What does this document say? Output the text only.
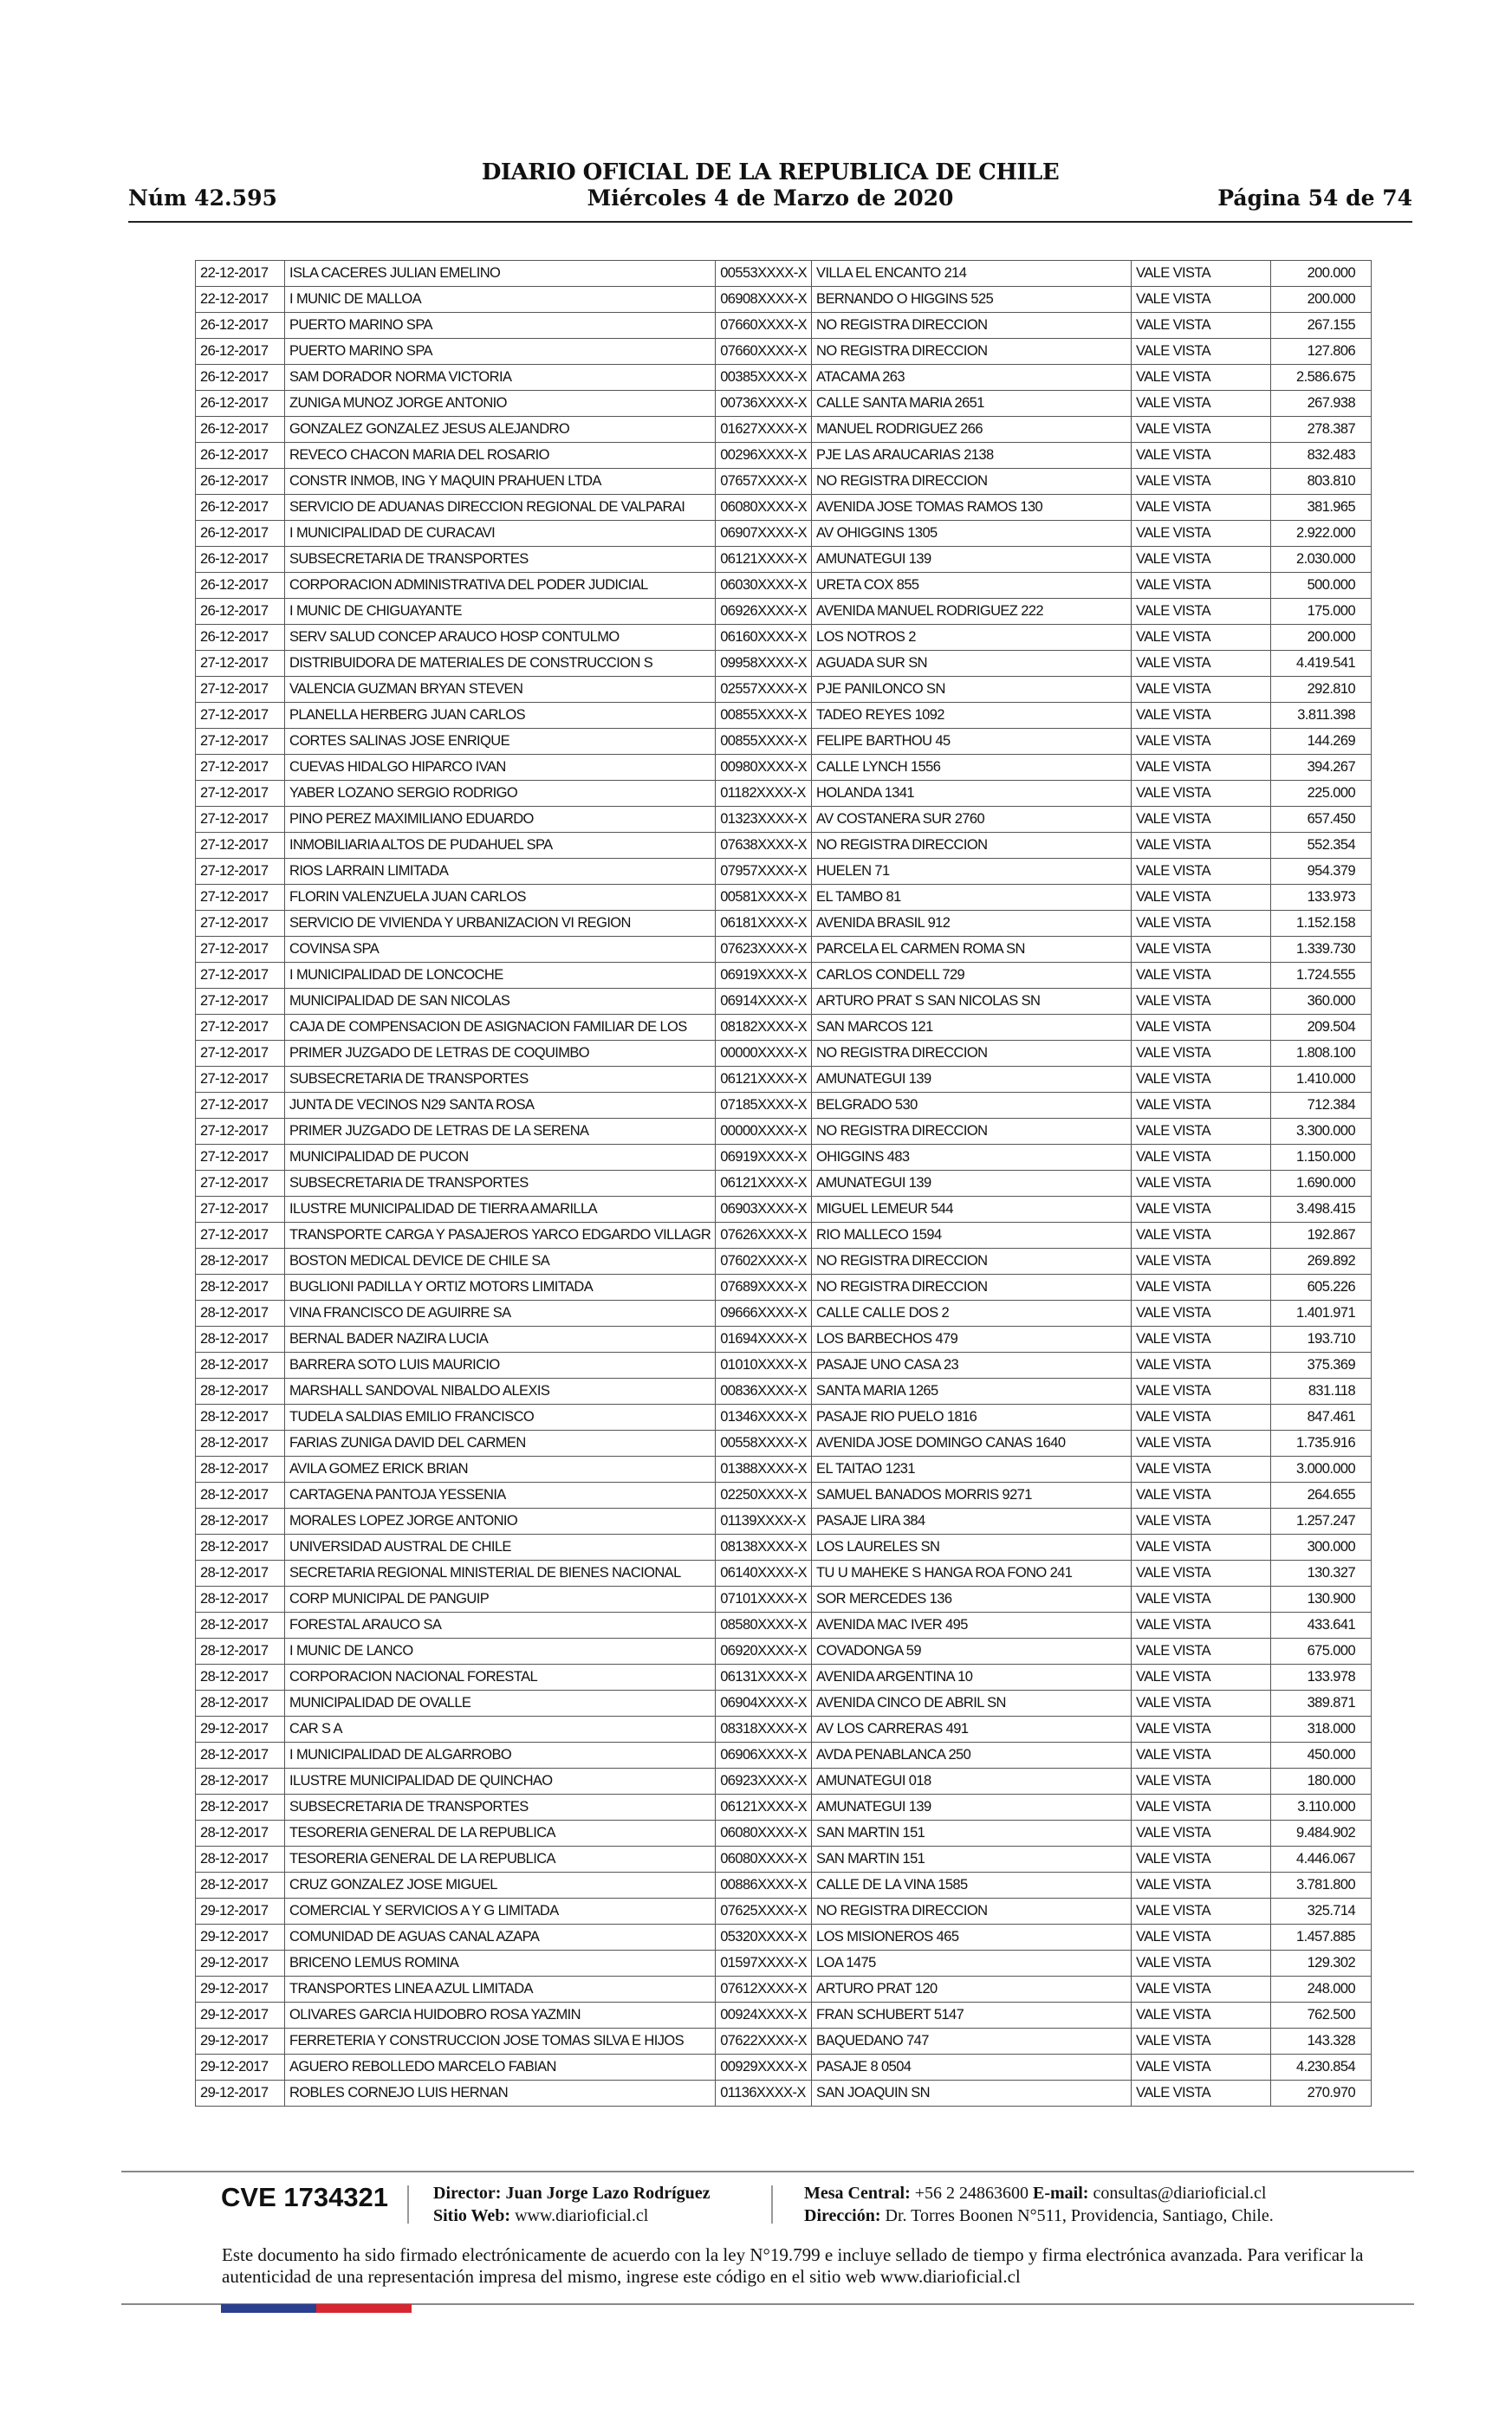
DIARIO OFICIAL DE LA REPUBLICA DE CHILE
Núm 42.595	Miércoles 4 de Marzo de 2020	Página 54 de 74
22-12-2017	ISLA CACERES JULIAN EMELINO	00553XXXX-X	VILLA EL ENCANTO 214	VALE VISTA	200.000
22-12-2017	I MUNIC DE MALLOA	06908XXXX-X	BERNANDO O HIGGINS 525	VALE VISTA	200.000
26-12-2017	PUERTO MARINO SPA	07660XXXX-X	NO REGISTRA DIRECCION	VALE VISTA	267.155
26-12-2017	PUERTO MARINO SPA	07660XXXX-X	NO REGISTRA DIRECCION	VALE VISTA	127.806
26-12-2017	SAM DORADOR NORMA VICTORIA	00385XXXX-X	ATACAMA 263	VALE VISTA	2.586.675
26-12-2017	ZUNIGA MUNOZ JORGE ANTONIO	00736XXXX-X	CALLE SANTA MARIA 2651	VALE VISTA	267.938
26-12-2017	GONZALEZ GONZALEZ JESUS ALEJANDRO	01627XXXX-X	MANUEL RODRIGUEZ 266	VALE VISTA	278.387
26-12-2017	REVECO CHACON MARIA DEL ROSARIO	00296XXXX-X	PJE LAS ARAUCARIAS 2138	VALE VISTA	832.483
26-12-2017	CONSTR INMOB, ING Y MAQUIN PRAHUEN LTDA	07657XXXX-X	NO REGISTRA DIRECCION	VALE VISTA	803.810
26-12-2017	SERVICIO DE ADUANAS DIRECCION REGIONAL DE VALPARAI	06080XXXX-X	AVENIDA JOSE TOMAS RAMOS 130	VALE VISTA	381.965
26-12-2017	I MUNICIPALIDAD DE CURACAVI	06907XXXX-X	AV OHIGGINS 1305	VALE VISTA	2.922.000
26-12-2017	SUBSECRETARIA DE TRANSPORTES	06121XXXX-X	AMUNATEGUI 139	VALE VISTA	2.030.000
26-12-2017	CORPORACION ADMINISTRATIVA DEL PODER JUDICIAL	06030XXXX-X	URETA COX 855	VALE VISTA	500.000
26-12-2017	I MUNIC DE CHIGUAYANTE	06926XXXX-X	AVENIDA MANUEL RODRIGUEZ 222	VALE VISTA	175.000
26-12-2017	SERV SALUD CONCEP ARAUCO HOSP CONTULMO	06160XXXX-X	LOS NOTROS 2	VALE VISTA	200.000
27-12-2017	DISTRIBUIDORA DE MATERIALES DE CONSTRUCCION S	09958XXXX-X	AGUADA SUR SN	VALE VISTA	4.419.541
27-12-2017	VALENCIA GUZMAN BRYAN STEVEN	02557XXXX-X	PJE PANILONCO SN	VALE VISTA	292.810
27-12-2017	PLANELLA HERBERG JUAN CARLOS	00855XXXX-X	TADEO REYES 1092	VALE VISTA	3.811.398
27-12-2017	CORTES SALINAS JOSE ENRIQUE	00855XXXX-X	FELIPE BARTHOU 45	VALE VISTA	144.269
27-12-2017	CUEVAS HIDALGO HIPARCO IVAN	00980XXXX-X	CALLE LYNCH 1556	VALE VISTA	394.267
27-12-2017	YABER LOZANO SERGIO RODRIGO	01182XXXX-X	HOLANDA 1341	VALE VISTA	225.000
27-12-2017	PINO PEREZ MAXIMILIANO EDUARDO	01323XXXX-X	AV COSTANERA SUR 2760	VALE VISTA	657.450
27-12-2017	INMOBILIARIA ALTOS DE PUDAHUEL SPA	07638XXXX-X	NO REGISTRA DIRECCION	VALE VISTA	552.354
27-12-2017	RIOS LARRAIN LIMITADA	07957XXXX-X	HUELEN 71	VALE VISTA	954.379
27-12-2017	FLORIN VALENZUELA JUAN CARLOS	00581XXXX-X	EL TAMBO 81	VALE VISTA	133.973
27-12-2017	SERVICIO DE VIVIENDA Y URBANIZACION VI REGION	06181XXXX-X	AVENIDA BRASIL 912	VALE VISTA	1.152.158
27-12-2017	COVINSA SPA	07623XXXX-X	PARCELA EL CARMEN ROMA SN	VALE VISTA	1.339.730
27-12-2017	I MUNICIPALIDAD DE LONCOCHE	06919XXXX-X	CARLOS CONDELL 729	VALE VISTA	1.724.555
27-12-2017	MUNICIPALIDAD DE SAN NICOLAS	06914XXXX-X	ARTURO PRAT S SAN NICOLAS SN	VALE VISTA	360.000
27-12-2017	CAJA DE COMPENSACION DE ASIGNACION FAMILIAR DE LOS	08182XXXX-X	SAN MARCOS 121	VALE VISTA	209.504
27-12-2017	PRIMER JUZGADO DE LETRAS DE COQUIMBO	00000XXXX-X	NO REGISTRA DIRECCION	VALE VISTA	1.808.100
27-12-2017	SUBSECRETARIA DE TRANSPORTES	06121XXXX-X	AMUNATEGUI 139	VALE VISTA	1.410.000
27-12-2017	JUNTA DE VECINOS N29 SANTA ROSA	07185XXXX-X	BELGRADO 530	VALE VISTA	712.384
27-12-2017	PRIMER JUZGADO DE LETRAS DE LA SERENA	00000XXXX-X	NO REGISTRA DIRECCION	VALE VISTA	3.300.000
27-12-2017	MUNICIPALIDAD DE PUCON	06919XXXX-X	OHIGGINS 483	VALE VISTA	1.150.000
27-12-2017	SUBSECRETARIA DE TRANSPORTES	06121XXXX-X	AMUNATEGUI 139	VALE VISTA	1.690.000
27-12-2017	ILUSTRE MUNICIPALIDAD DE TIERRA AMARILLA	06903XXXX-X	MIGUEL LEMEUR 544	VALE VISTA	3.498.415
27-12-2017	TRANSPORTE CARGA Y PASAJEROS YARCO EDGARDO VILLAGR	07626XXXX-X	RIO MALLECO 1594	VALE VISTA	192.867
28-12-2017	BOSTON MEDICAL DEVICE DE CHILE SA	07602XXXX-X	NO REGISTRA DIRECCION	VALE VISTA	269.892
28-12-2017	BUGLIONI PADILLA Y ORTIZ MOTORS LIMITADA	07689XXXX-X	NO REGISTRA DIRECCION	VALE VISTA	605.226
28-12-2017	VINA FRANCISCO DE AGUIRRE SA	09666XXXX-X	CALLE CALLE DOS 2	VALE VISTA	1.401.971
28-12-2017	BERNAL BADER NAZIRA LUCIA	01694XXXX-X	LOS BARBECHOS 479	VALE VISTA	193.710
28-12-2017	BARRERA SOTO LUIS MAURICIO	01010XXXX-X	PASAJE UNO CASA 23	VALE VISTA	375.369
28-12-2017	MARSHALL SANDOVAL NIBALDO ALEXIS	00836XXXX-X	SANTA MARIA 1265	VALE VISTA	831.118
28-12-2017	TUDELA SALDIAS EMILIO FRANCISCO	01346XXXX-X	PASAJE RIO PUELO 1816	VALE VISTA	847.461
28-12-2017	FARIAS ZUNIGA DAVID DEL CARMEN	00558XXXX-X	AVENIDA JOSE DOMINGO CANAS 1640	VALE VISTA	1.735.916
28-12-2017	AVILA GOMEZ ERICK BRIAN	01388XXXX-X	EL TAITAO 1231	VALE VISTA	3.000.000
28-12-2017	CARTAGENA PANTOJA YESSENIA	02250XXXX-X	SAMUEL BANADOS MORRIS 9271	VALE VISTA	264.655
28-12-2017	MORALES LOPEZ JORGE ANTONIO	01139XXXX-X	PASAJE LIRA 384	VALE VISTA	1.257.247
28-12-2017	UNIVERSIDAD AUSTRAL DE CHILE	08138XXXX-X	LOS LAURELES SN	VALE VISTA	300.000
28-12-2017	SECRETARIA REGIONAL MINISTERIAL DE BIENES NACIONAL	06140XXXX-X	TU U MAHEKE S HANGA ROA FONO 241	VALE VISTA	130.327
28-12-2017	CORP MUNICIPAL DE PANGUIP	07101XXXX-X	SOR MERCEDES 136	VALE VISTA	130.900
28-12-2017	FORESTAL ARAUCO SA	08580XXXX-X	AVENIDA MAC IVER 495	VALE VISTA	433.641
28-12-2017	I MUNIC DE LANCO	06920XXXX-X	COVADONGA 59	VALE VISTA	675.000
28-12-2017	CORPORACION NACIONAL FORESTAL	06131XXXX-X	AVENIDA ARGENTINA 10	VALE VISTA	133.978
28-12-2017	MUNICIPALIDAD DE OVALLE	06904XXXX-X	AVENIDA CINCO DE ABRIL SN	VALE VISTA	389.871
29-12-2017	CAR S A	08318XXXX-X	AV LOS CARRERAS 491	VALE VISTA	318.000
28-12-2017	I MUNICIPALIDAD DE ALGARROBO	06906XXXX-X	AVDA PENABLANCA 250	VALE VISTA	450.000
28-12-2017	ILUSTRE MUNICIPALIDAD DE QUINCHAO	06923XXXX-X	AMUNATEGUI 018	VALE VISTA	180.000
28-12-2017	SUBSECRETARIA DE TRANSPORTES	06121XXXX-X	AMUNATEGUI 139	VALE VISTA	3.110.000
28-12-2017	TESORERIA GENERAL DE LA REPUBLICA	06080XXXX-X	SAN MARTIN 151	VALE VISTA	9.484.902
28-12-2017	TESORERIA GENERAL DE LA REPUBLICA	06080XXXX-X	SAN MARTIN 151	VALE VISTA	4.446.067
28-12-2017	CRUZ GONZALEZ JOSE MIGUEL	00886XXXX-X	CALLE DE LA VINA 1585	VALE VISTA	3.781.800
29-12-2017	COMERCIAL Y SERVICIOS A Y G LIMITADA	07625XXXX-X	NO REGISTRA DIRECCION	VALE VISTA	325.714
29-12-2017	COMUNIDAD DE AGUAS CANAL AZAPA	05320XXXX-X	LOS MISIONEROS 465	VALE VISTA	1.457.885
29-12-2017	BRICENO LEMUS ROMINA	01597XXXX-X	LOA 1475	VALE VISTA	129.302
29-12-2017	TRANSPORTES LINEA AZUL LIMITADA	07612XXXX-X	ARTURO PRAT 120	VALE VISTA	248.000
29-12-2017	OLIVARES GARCIA HUIDOBRO ROSA YAZMIN	00924XXXX-X	FRAN SCHUBERT 5147	VALE VISTA	762.500
29-12-2017	FERRETERIA Y CONSTRUCCION JOSE TOMAS SILVA E HIJOS	07622XXXX-X	BAQUEDANO 747	VALE VISTA	143.328
29-12-2017	AGUERO REBOLLEDO MARCELO FABIAN	00929XXXX-X	PASAJE 8 0504	VALE VISTA	4.230.854
29-12-2017	ROBLES CORNEJO LUIS HERNAN	01136XXXX-X	SAN JOAQUIN SN	VALE VISTA	270.970
CVE 1734321	Director: Juan Jorge Lazo Rodríguez
Sitio Web: www.diarioficial.cl
Mesa Central: +56 2 24863600 E-mail: consultas@diarioficial.cl
Dirección: Dr. Torres Boonen N°511, Providencia, Santiago, Chile.
Este documento ha sido firmado electrónicamente de acuerdo con la ley N°19.799 e incluye sellado de tiempo y firma electrónica avanzada. Para verificar la autenticidad de una representación impresa del mismo, ingrese este código en el sitio web www.diarioficial.cl
